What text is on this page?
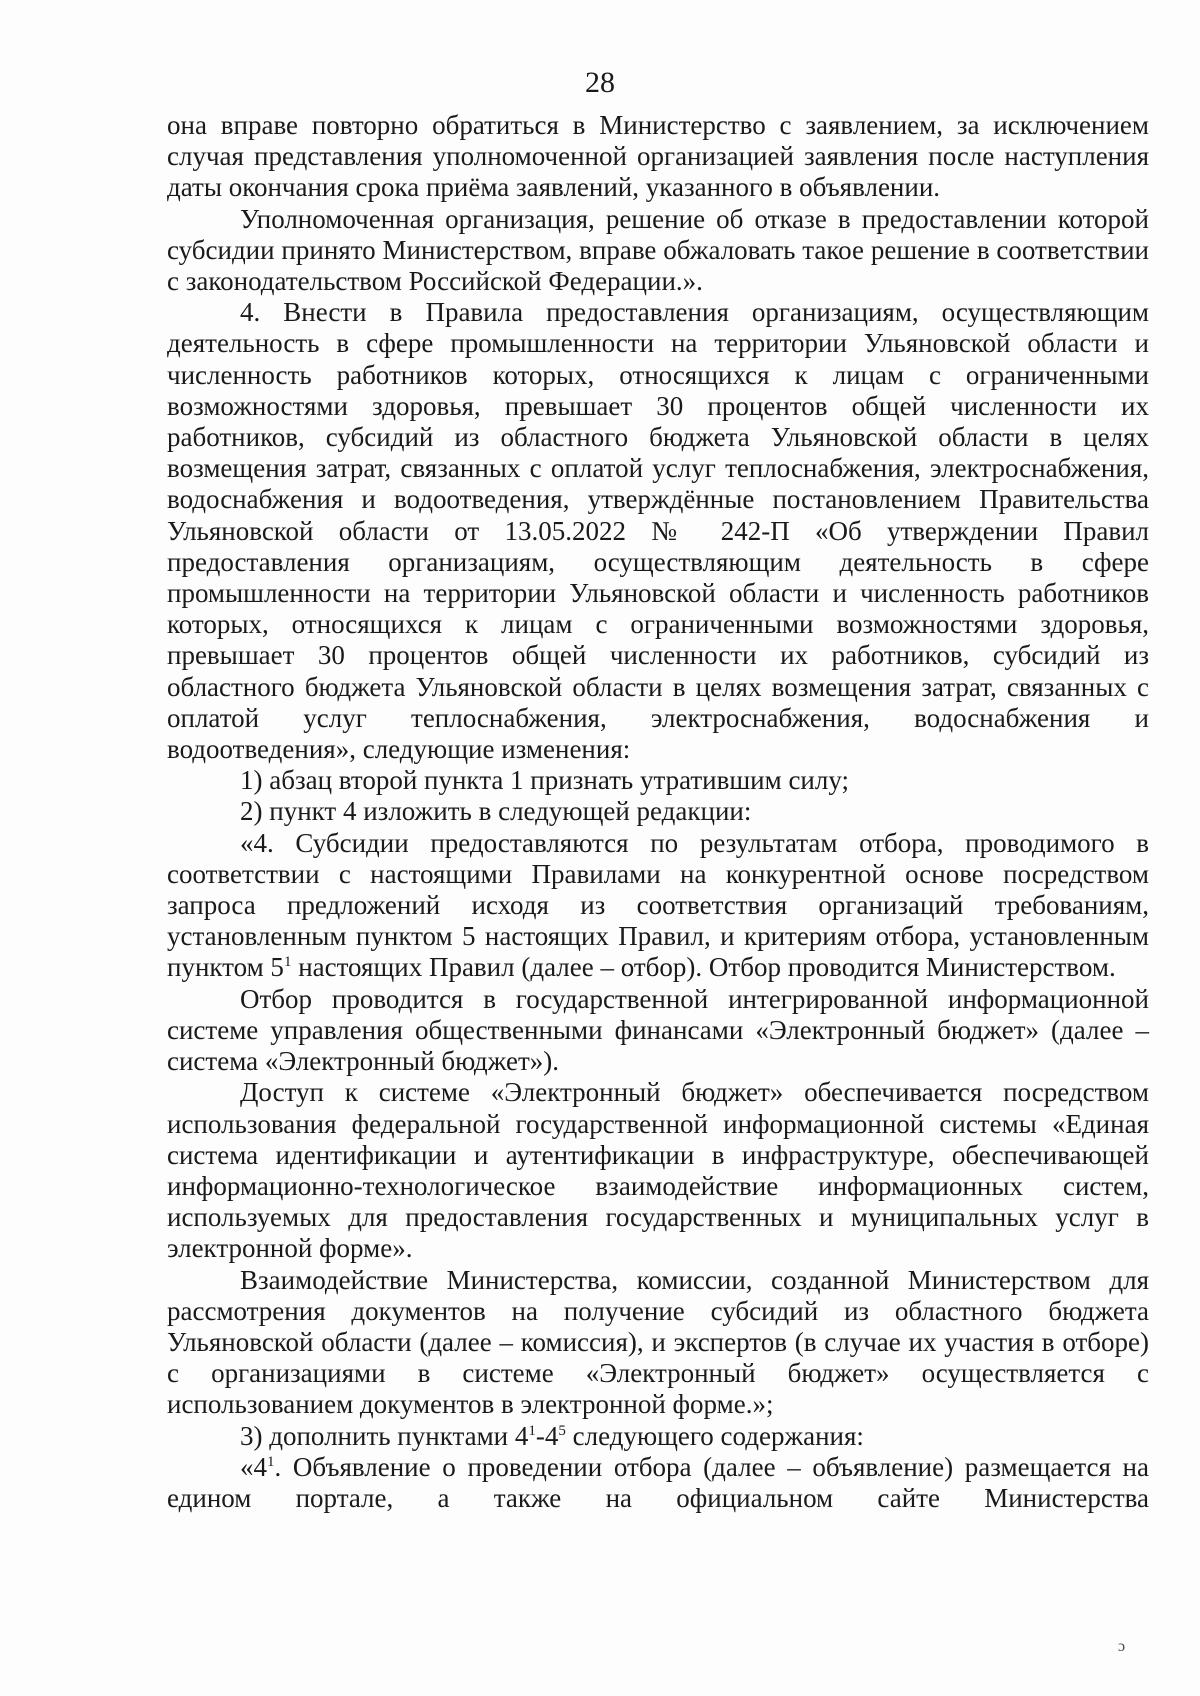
28

она вправе повторно обратиться в Министерство с заявлением, за исключением случая представления уполномоченной организацией заявления после наступления даты окончания срока приёма заявлений, указанного в объявлении.

Уполномоченная организация, решение об отказе в предоставлении которой субсидии принято Министерством, вправе обжаловать такое решение в соответствии с законодательством Российской Федерации.».

4. Внести в Правила предоставления организациям, осуществляющим деятельность в сфере промышленности на территории Ульяновской области и численность работников которых, относящихся к лицам с ограниченными возможностями здоровья, превышает 30 процентов общей численности их работников, субсидий из областного бюджета Ульяновской области в целях возмещения затрат, связанных с оплатой услуг теплоснабжения, электроснабжения, водоснабжения и водоотведения, утверждённые постановлением Правительства Ульяновской области от 13.05.2022 № 242-П «Об утверждении Правил предоставления организациям, осуществляющим деятельность в сфере промышленности на территории Ульяновской области и численность работников которых, относящихся к лицам с ограниченными возможностями здоровья, превышает 30 процентов общей численности их работников, субсидий из областного бюджета Ульяновской области в целях возмещения затрат, связанных с оплатой услуг теплоснабжения, электроснабжения, водоснабжения и водоотведения», следующие изменения:

1) абзац второй пункта 1 признать утратившим силу;

2) пункт 4 изложить в следующей редакции:

«4. Субсидии предоставляются по результатам отбора, проводимого в соответствии с настоящими Правилами на конкурентной основе посредством запроса предложений исходя из соответствия организаций требованиям, установленным пунктом 5 настоящих Правил, и критериям отбора, установленным пунктом $5^1$ настоящих Правил (далее – отбор). Отбор проводится Министерством.

Отбор проводится в государственной интегрированной информационной системе управления общественными финансами «Электронный бюджет» (далее – система «Электронный бюджет»).

Доступ к системе «Электронный бюджет» обеспечивается посредством использования федеральной государственной информационной системы «Единая система идентификации и аутентификации в инфраструктуре, обеспечивающей информационно-технологическое взаимодействие информационных систем, используемых для предоставления государственных и муниципальных услуг в электронной форме».

Взаимодействие Министерства, комиссии, созданной Министерством для рассмотрения документов на получение субсидий из областного бюджета Ульяновской области (далее – комиссия), и экспертов (в случае их участия в отборе) с организациями в системе «Электронный бюджет» осуществляется с использованием документов в электронной форме.»;

3) дополнить пунктами $4^1-4^5$ следующего содержания:

«$4^1$. Объявление о проведении отбора (далее – объявление) размещается на едином портале, а также на официальном сайте Министерства

ɔ
